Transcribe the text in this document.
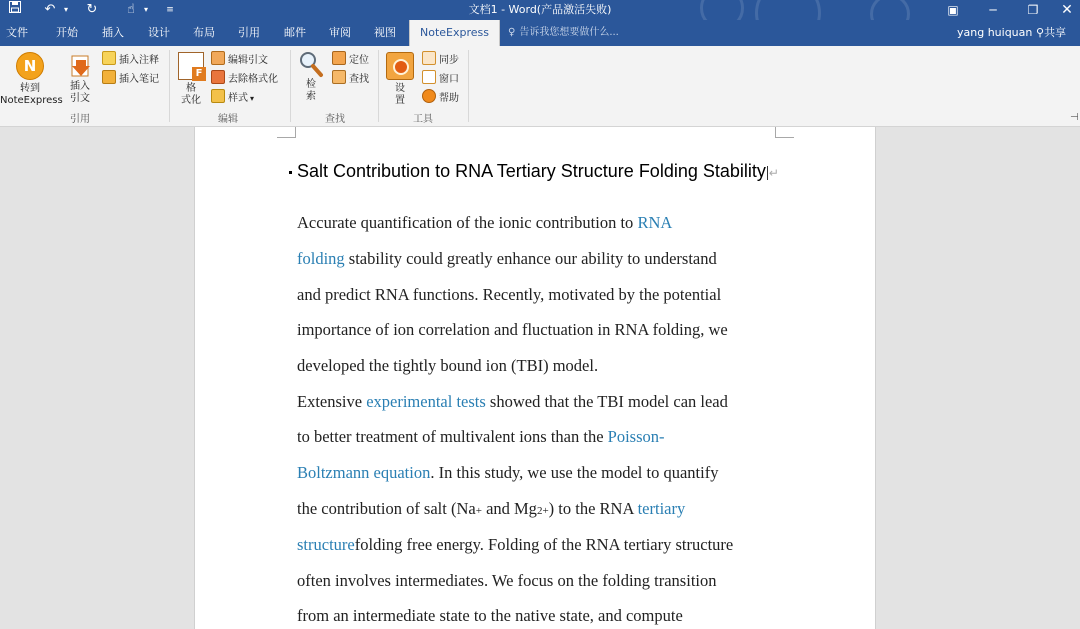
↶	▾	↻	☝	▾	≡	文档1 - Word(产品激活失败)	▣	─	❐	✕
文件	开始 插入 设计 布局 引用 邮件 审阅 视图	NoteExpress	♀ 告诉我您想要做什么...	yang huiquan ⚲共享
N
转到
NoteExpress
插入
引文
插入注释
插入笔记
引用
F
格
式化
编辑引文
去除格式化
样式 ▾
编辑
检
索
定位
查找
查找
设
置
同步
窗口
帮助
工具	⊣
Salt Contribution to RNA Tertiary Structure Folding Stability ↵
Accurate quantification of the ionic contribution to RNA
folding stability could greatly enhance our ability to understand
and predict RNA functions. Recently, motivated by the potential
importance of ion correlation and fluctuation in RNA folding, we
developed the tightly bound ion (TBI) model.
Extensive experimental tests showed that the TBI model can lead
to better treatment of multivalent ions than the Poisson-
Boltzmann equation. In this study, we use the model to quantify
the contribution of salt (Na+ and Mg2+) to the RNA tertiary
structurefolding free energy. Folding of the RNA tertiary structure
often involves intermediates. We focus on the folding transition
from an intermediate state to the native state, and compute
